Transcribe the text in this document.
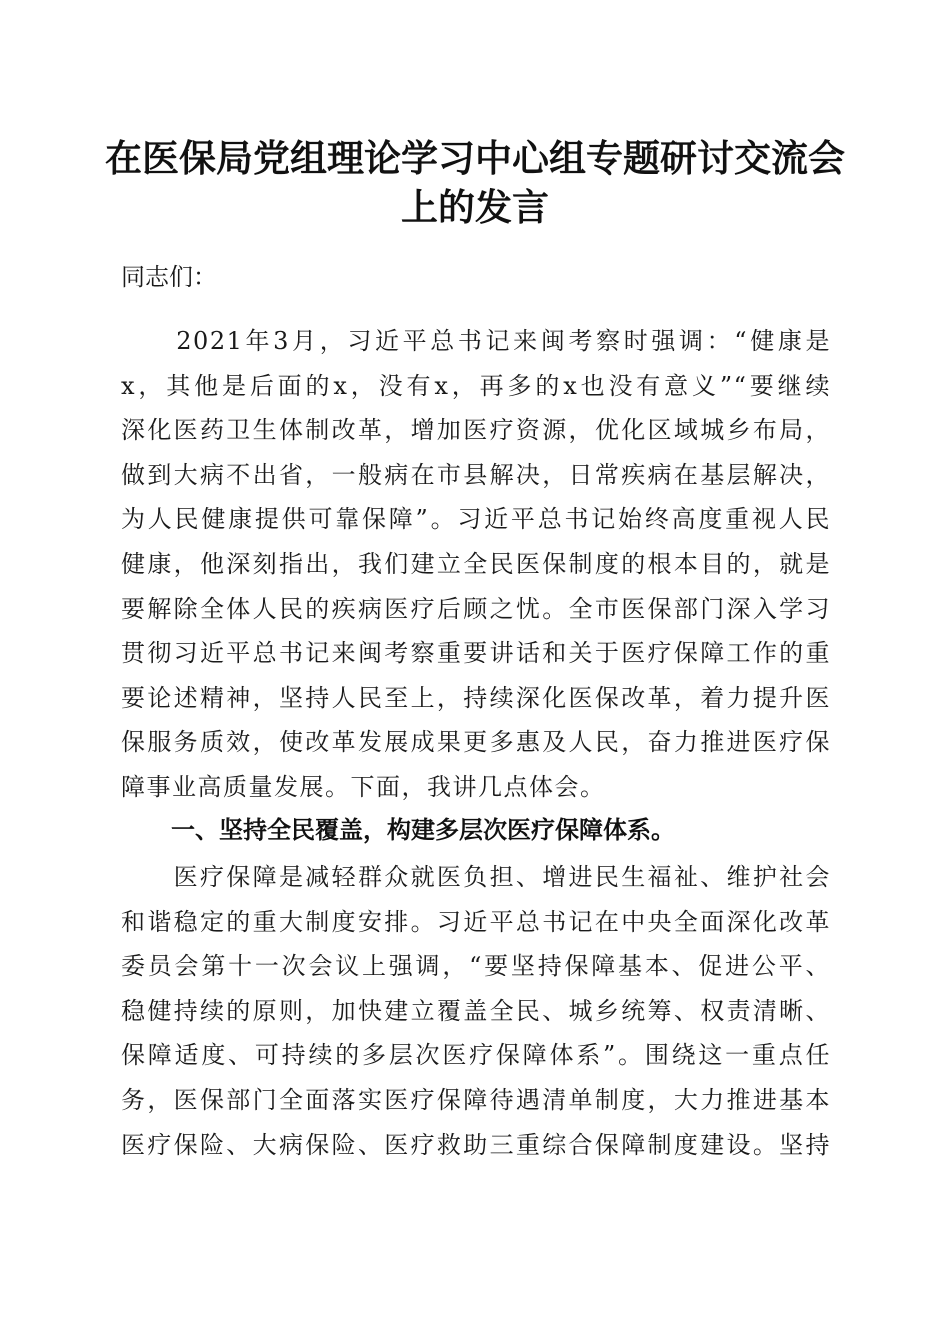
在医保局党组理论学习中心组专题研讨交流会
上的发言

同志们：

　　2021年3月，习近平总书记来闽考察时强调：“健康是
x，其他是后面的x，没有x，再多的x也没有意义”“要继续
深化医药卫生体制改革，增加医疗资源，优化区域城乡布局，
做到大病不出省，一般病在市县解决，日常疾病在基层解决，
为人民健康提供可靠保障”。习近平总书记始终高度重视人民
健康，他深刻指出，我们建立全民医保制度的根本目的，就是
要解除全体人民的疾病医疗后顾之忧。全市医保部门深入学习
贯彻习近平总书记来闽考察重要讲话和关于医疗保障工作的重
要论述精神，坚持人民至上，持续深化医保改革，着力提升医
保服务质效，使改革发展成果更多惠及人民，奋力推进医疗保
障事业高质量发展。下面，我讲几点体会。

一、坚持全民覆盖，构建多层次医疗保障体系。

　　医疗保障是减轻群众就医负担、增进民生福祉、维护社会
和谐稳定的重大制度安排。习近平总书记在中央全面深化改革
委员会第十一次会议上强调，“要坚持保障基本、促进公平、
稳健持续的原则，加快建立覆盖全民、城乡统筹、权责清晰、
保障适度、可持续的多层次医疗保障体系”。围绕这一重点任
务，医保部门全面落实医疗保障待遇清单制度，大力推进基本
医疗保险、大病保险、医疗救助三重综合保障制度建设。坚持
